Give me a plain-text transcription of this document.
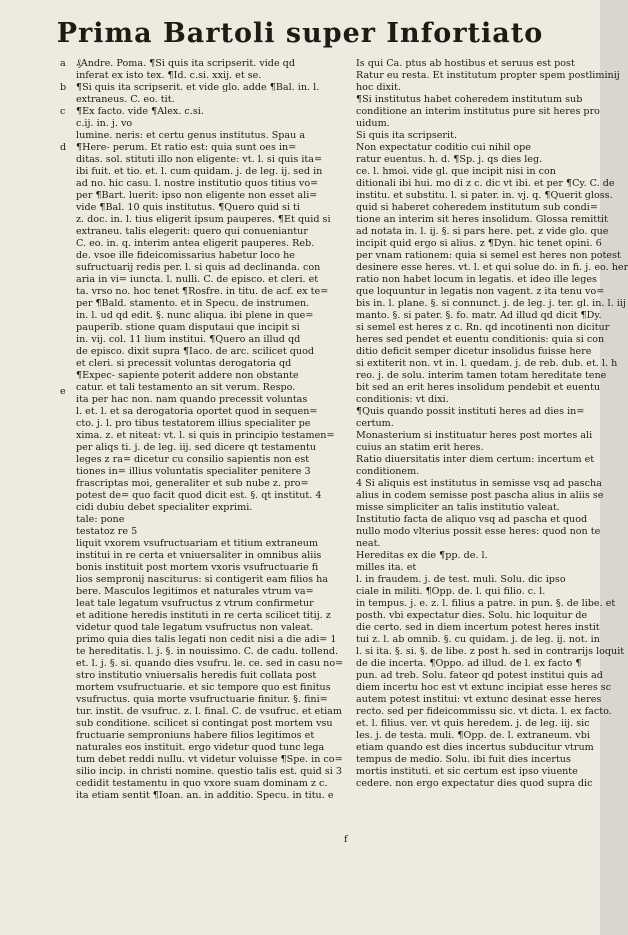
Prima Bartoli super Infortiato
a
b
c
d
e
f
₰Andre. Poma. ¶Si quis ita scripserit. vide qd
inferat ex isto tex. ¶Id. c.si. xxij. et se.
¶Si quis ita scripserit. et vide glo. adde ¶Bal. in. l.
extraneus. C. eo. tit.
¶Ex facto. vide ¶Alex. c.si.
c.ij. in. j. vo
lumine. neris: et certu genus institutus. Spau a
¶Here- perum. Et ratio est: quia sunt oes in=
ditas. sol. stituti illo non eligente: vt. l. si quis ita=
ibi fuit. et tio. et. l. cum quidam. j. de leg. ij. sed in
ad no. hic casu. l. nostre institutio quos titius vo=
per ¶Bart. luerit: ipso non eligente non esset ali=
vide ¶Bal. 10 quis institutus. ¶Quero quid si ti
z. doc. in. l. tius eligerit ipsum pauperes. ¶Et quid si
extraneu. talis elegerit: quero qui conueniantur
C. eo. in. q. interim antea eligerit pauperes. Reb.
de. vsoe ille fideicomissarius habetur loco he
sufructuarij redis per. l. si quis ad declinanda. con
aria in vi= iuncta. l. nulli. C. de episco. et cleri. et
ta. vrso no. hoc tenet ¶Rosfre. in titu. de acf. ex te=
per ¶Bald. stamento. et in Specu. de instrumen.
in. l. ud qd edit. §. nunc aliqua. ibi plene in que=
pauperib. stione quam disputaui que incipit si
in. vij. col. 11 lium institui. ¶Quero an illud qd
de episco. dixit supra ¶Iaco. de arc. scilicet quod
et cleri. si precessit voluntas derogatoria qd
¶Expec- sapiente poterit addere non obstante
catur. et tali testamento an sit verum. Respo.
ita per hac non. nam quando precessit voluntas
l. et. l. et sa derogatoria oportet quod in sequen=
cto. j. l. pro tibus testatorem illius specialiter pe
xima. z. et niteat: vt. l. si quis in principio testamen=
per aliqs ti. j. de leg. iij. sed dicere qt testamentu
leges z ra= dicetur cu consilio sapientis non est
tiones in= illius voluntatis specialiter penitere 3
frascriptas moi, generaliter et sub nube z. pro=
potest de= quo facit quod dicit est. §. qt institut. 4
cidi dubiu debet specialiter exprimi.
tale: pone
testatoz re 5
liquit vxorem vsufructuariam et titium extraneum
institui in re certa et vniuersaliter in omnibus aliis
bonis instituit post mortem vxoris vsufructuarie fi
lios sempronij nasciturus: si contigerit eam filios ha
bere. Masculos legitimos et naturales vtrum va=
leat tale legatum vsufructus z vtrum confirmetur
et aditione heredis instituti in re certa scilicet titij. z
videtur quod tale legatum vsufructus non valeat.
primo quia dies talis legati non cedit nisi a die adi= 1
te hereditatis. l. j. §. in nouissimo. C. de cadu. tollend.
et. l. j. §. si. quando dies vsufru. le. ce. sed in casu no=
stro institutio vniuersalis heredis fuit collata post
mortem vsufructuarie. et sic tempore quo est finitus
vsufructus. quia morte vsufructuarie finitur. §. fini=
tur. instit. de vsufruc. z. l. final. C. de vsufruc. et etiam
sub conditione. scilicet si contingat post mortem vsu
fructuarie semproniuns habere filios legitimos et
naturales eos instituit. ergo videtur quod tunc lega
tum debet reddi nullu. vt videtur voluisse ¶Spe. in co=
silio incip. in christi nomine. questio talis est. quid si 3
cedidit testamentu in quo vxore suam dominam z c.
ita etiam sentit ¶Ioan. an. in additio. Specu. in titu. e
Is qui Ca. ptus ab hostibus et seruus est post
Ratur eu resta. Et institutum propter spem postliminij
hoc dixit.
¶Si institutus habet coheredem institutum sub
conditione an interim institutus pure sit heres pro
uidum.
Si quis ita scripserit.
Non expectatur coditio cui nihil ope
ratur euentus. h. d. ¶Sp. j. qs dies leg.
ce. l. hmoi. vide gl. que incipit nisi in con
ditionali ibi hui. mo di z c. dic vt ibi. et per ¶Cy. C. de
institu. et substitu. l. si pater. in. vj. q. ¶Querit gloss.
quid si haberet coheredem institutum sub condi=
tione an interim sit heres insolidum. Glossa remittit
ad notata in. l. ij. §. si pars here. pet. z vide glo. que
incipit quid ergo si alius. z ¶Dyn. hic tenet opini. 6
per vnam rationem: quia si semel est heres non potest
desinere esse heres. vt. l. et qui solue do. in fi. j. eo. her
ratio non habet locum in legatis. et ideo ille leges
que loquuntur in legatis non vagent. z ita tenu vo=
bis in. l. plane. §. si connunct. j. de leg. j. ter. gl. in. l. iij
manto. §. si pater. §. fo. matr. Ad illud qd dicit ¶Dy.
si semel est heres z c. Rn. qd incotinenti non dicitur
heres sed pendet et euentu conditionis: quia si con
ditio deficit semper dicetur insolidus fuisse here
si extiterit non. vt in. l. quedam. j. de reb. dub. et. l. h
reo. j. de solu. interim tamen totam hereditate tene
bit sed an erit heres insolidum pendebit et euentu
conditionis: vt dixi.
¶Quis quando possit instituti heres ad dies in=
certum.
Monasterium si instituatur heres post mortes ali
cuius an statim erit heres.
Ratio diuersitatis inter diem certum: incertum et
conditionem.
4 Si aliquis est institutus in semisse vsq ad pascha
alius in codem semisse post pascha alius in aliis se
misse simpliciter an talis institutio valeat.
Institutio facta de aliquo vsq ad pascha et quod
nullo modo vlterius possit esse heres: quod non te
neat.
Hereditas ex die ¶pp. de. l.
milles ita. et
l. in fraudem. j. de test. muli. Solu. dic ipso
ciale in militi. ¶Opp. de. l. qui filio. c. l.
in tempus. j. e. z. l. filius a patre. in pun. §. de libe. et
posth. vbi expectatur dies. Solu. hic loquitur de
die certo. sed in diem incertum potest heres instit
tui z. l. ab omnib. §. cu quidam. j. de leg. ij. not. in
l. si ita. §. si. §. de libe. z post h. sed in contrarijs loquit
de die incerta. ¶Oppo. ad illud. de l. ex facto ¶
pun. ad treb. Solu. fateor qd potest institui quis ad
diem incertu hoc est vt extunc incipiat esse heres sc
autem potest institui: vt extunc desinat esse heres
recto. sed per fideicommissu sic. vt dicta. l. ex facto.
et. l. filius. ver. vt quis heredem. j. de leg. iij. sic
les. j. de testa. muli. ¶Opp. de. l. extraneum. vbi
etiam quando est dies incertus subducitur vtrum
tempus de medio. Solu. ibi fuit dies incertus
mortis instituti. et sic certum est ipso viuente
cedere. non ergo expectatur dies quod supra dic
